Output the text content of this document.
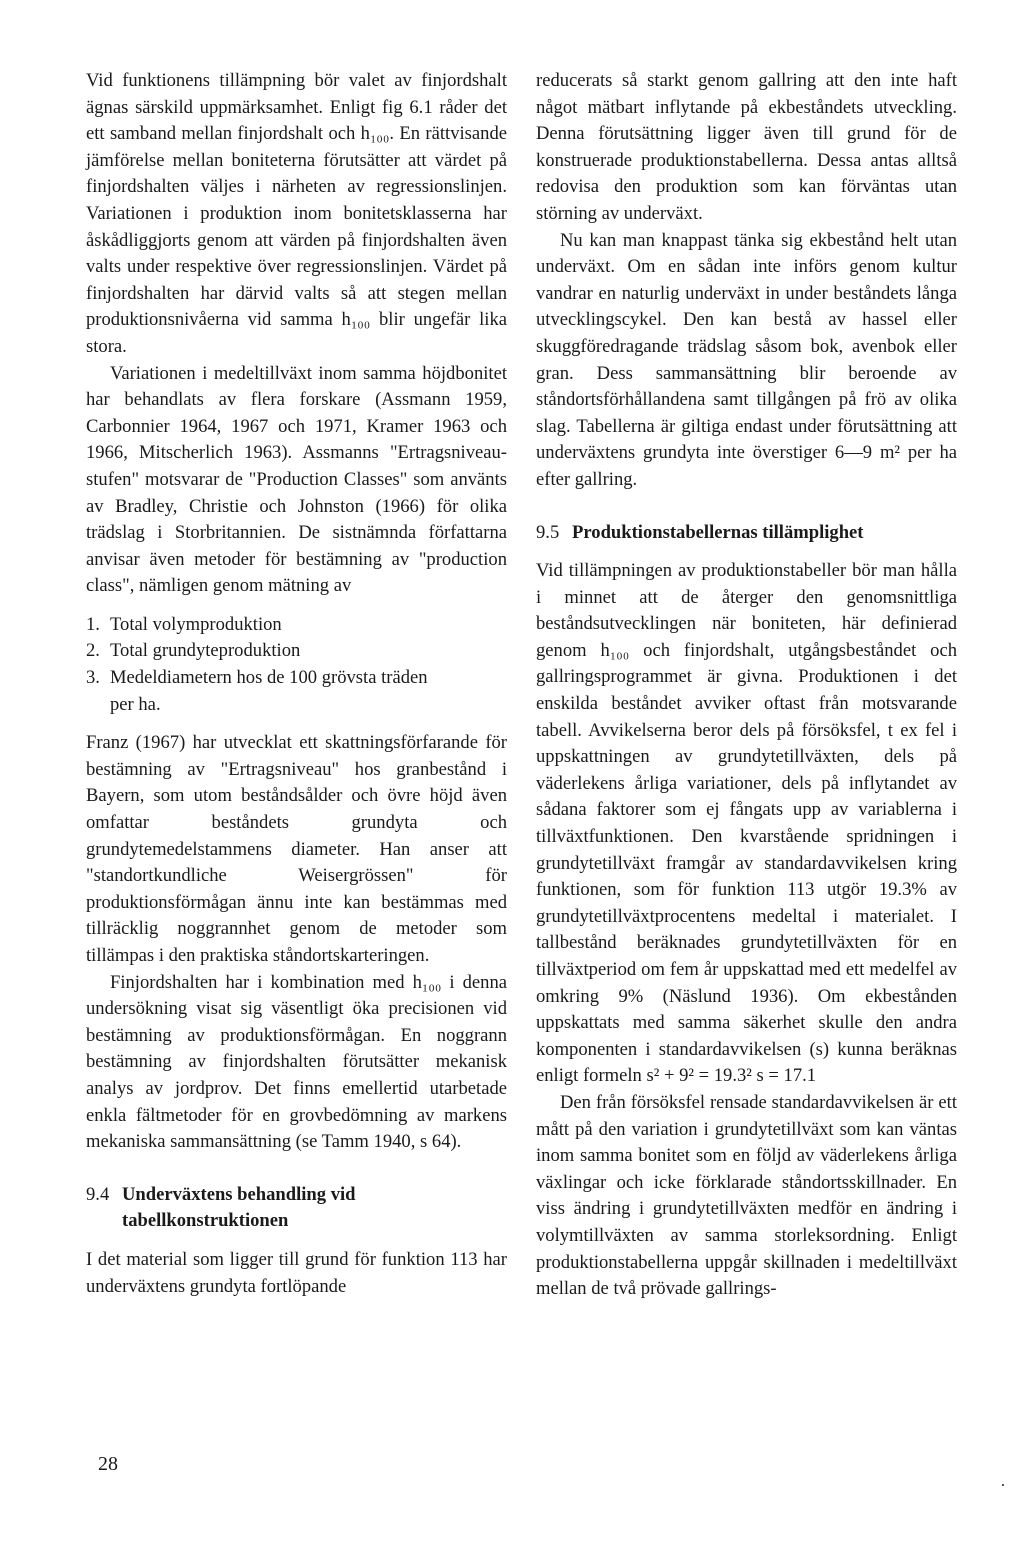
Vid funktionens tillämpning bör valet av finjordshalt ägnas särskild uppmärksamhet. Enligt fig 6.1 råder det ett samband mellan finjordshalt och h₁₀₀. En rättvisande jämförelse mellan boniteterna förutsätter att värdet på finjordshalten väljes i närheten av regressionslinjen. Variationen i produktion inom bonitetsklasserna har åskådliggjorts genom att värden på finjordshalten även valts under respektive över regressionslinjen. Värdet på finjordshalten har därvid valts så att stegen mellan produktionsnivåerna vid samma h₁₀₀ blir ungefär lika stora.

Variationen i medeltillväxt inom samma höjdbonitet har behandlats av flera forskare (Assmann 1959, Carbonnier 1964, 1967 och 1971, Kramer 1963 och 1966, Mitscherlich 1963). Assmanns "Ertragsniveau-stufen" motsvarar de "Production Classes" som använts av Bradley, Christie och Johnston (1966) för olika trädslag i Storbritannien. De sistnämnda författarna anvisar även metoder för bestämning av "production class", nämligen genom mätning av

1. Total volymproduktion
2. Total grundyteproduktion
3. Medeldiametern hos de 100 grövsta träden per ha.

Franz (1967) har utvecklat ett skattningsförfarande för bestämning av "Ertragsniveau" hos granbestånd i Bayern, som utom beståndsålder och övre höjd även omfattar beståndets grundyta och grundytemedelstammens diameter. Han anser att "standortkundliche Weisergrössen" för produktionsförmågan ännu inte kan bestämmas med tillräcklig noggrannhet genom de metoder som tillämpas i den praktiska ståndortskarteringen.

Finjordshalten har i kombination med h₁₀₀ i denna undersökning visat sig väsentligt öka precisionen vid bestämning av produktionsförmågan. En noggrann bestämning av finjordshalten förutsätter mekanisk analys av jordprov. Det finns emellertid utarbetade enkla fältmetoder för en grovbedömning av markens mekaniska sammansättning (se Tamm 1940, s 64).

9.4 Underväxtens behandling vid tabellkonstruktionen

I det material som ligger till grund för funktion 113 har underväxtens grundyta fortlöpande

reducerats så starkt genom gallring att den inte haft något mätbart inflytande på ekbeståndets utveckling. Denna förutsättning ligger även till grund för de konstruerade produktionstabellerna. Dessa antas alltså redovisa den produktion som kan förväntas utan störning av underväxt.

Nu kan man knappast tänka sig ekbestånd helt utan underväxt. Om en sådan inte införs genom kultur vandrar en naturlig underväxt in under beståndets långa utvecklingscykel. Den kan bestå av hassel eller skuggföredragande trädslag såsom bok, avenbok eller gran. Dess sammansättning blir beroende av ståndortsförhållandena samt tillgången på frö av olika slag. Tabellerna är giltiga endast under förutsättning att underväxtens grundyta inte överstiger 6—9 m² per ha efter gallring.

9.5 Produktionstabellernas tillämplighet

Vid tillämpningen av produktionstabeller bör man hålla i minnet att de återger den genomsnittliga beståndsutvecklingen när boniteten, här definierad genom h₁₀₀ och finjordshalt, utgångsbeståndet och gallringsprogrammet är givna. Produktionen i det enskilda beståndet avviker oftast från motsvarande tabell. Avvikelserna beror dels på försöksfel, t ex fel i uppskattningen av grundytetillväxten, dels på väderlekens årliga variationer, dels på inflytandet av sådana faktorer som ej fångats upp av variablerna i tillväxtfunktionen. Den kvarstående spridningen i grundytetillväxt framgår av standardavvikelsen kring funktionen, som för funktion 113 utgör 19.3% av grundytetillväxtprocentens medeltal i materialet. I tallbestånd beräknades grundytetillväxten för en tillväxtperiod om fem år uppskattad med ett medelfel av omkring 9% (Näslund 1936). Om ekbestånden uppskattats med samma säkerhet skulle den andra komponenten i standardavvikelsen (s) kunna beräknas enligt formeln s² + 9² = 19.3² s = 17.1

Den från försöksfel rensade standardavvikelsen är ett mått på den variation i grundytetillväxt som kan väntas inom samma bonitet som en följd av väderlekens årliga växlingar och icke förklarade ståndortsskillnader. En viss ändring i grundytetillväxten medför en ändring i volymtillväxten av samma storleksordning. Enligt produktionstabellerna uppgår skillnaden i medeltillväxt mellan de två prövade gallrings-

28
